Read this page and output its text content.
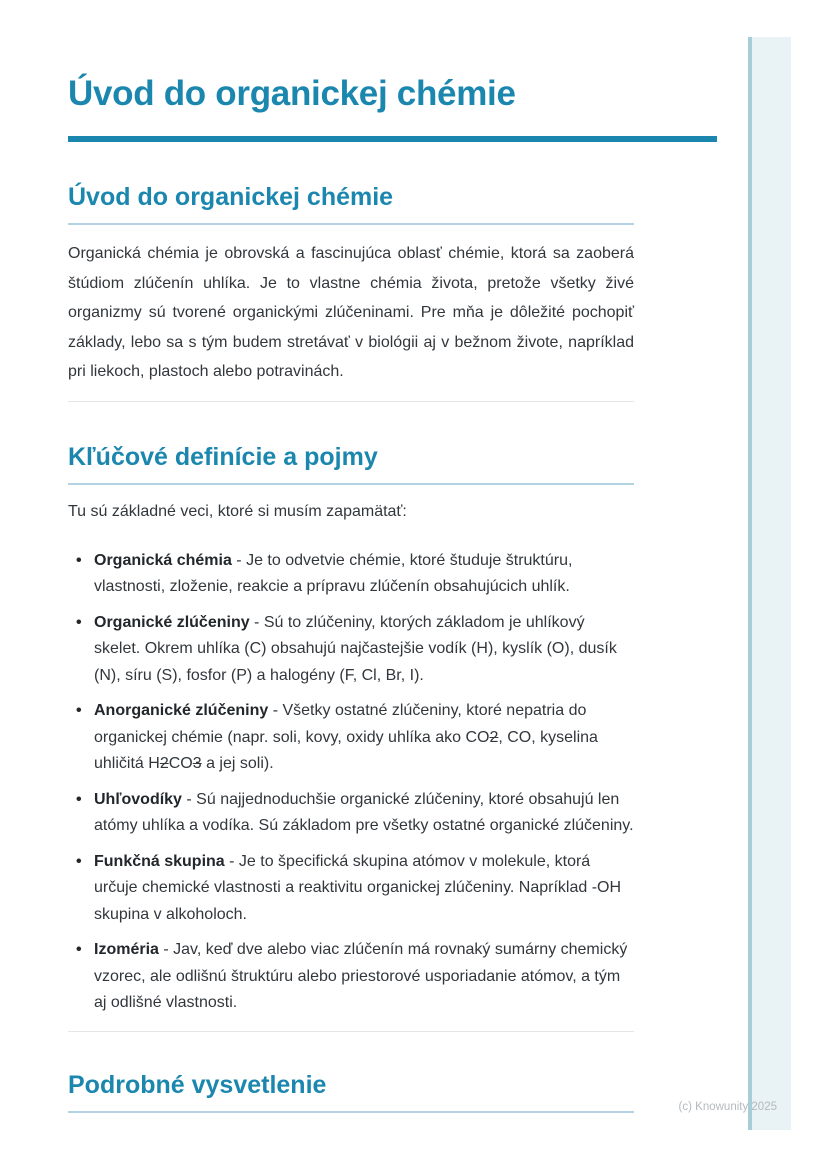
Úvod do organickej chémie
Úvod do organickej chémie

Organická chémia je obrovská a fascinujúca oblasť chémie, ktorá sa zaoberá štúdiom zlúčenín uhlíka. Je to vlastne chémia života, pretože všetky živé organizmy sú tvorené organickými zlúčeninami. Pre mňa je dôležité pochopiť základy, lebo sa s tým budem stretávať v biológii aj v bežnom živote, napríklad pri liekoch, plastoch alebo potravinách.

Kľúčové definície a pojmy

Tu sú základné veci, ktoré si musím zapamätať:

• Organická chémia - Je to odvetvie chémie, ktoré študuje štruktúru, vlastnosti, zloženie, reakcie a prípravu zlúčenín obsahujúcich uhlík.
• Organické zlúčeniny - Sú to zlúčeniny, ktorých základom je uhlíkový skelet. Okrem uhlíka (C) obsahujú najčastejšie vodík (H), kyslík (O), dusík (N), síru (S), fosfor (P) a halogény (F, Cl, Br, I).
• Anorganické zlúčeniny - Všetky ostatné zlúčeniny, ktoré nepatria do organickej chémie (napr. soli, kovy, oxidy uhlíka ako CO2, CO, kyselina uhličitá H2CO3 a jej soli).
• Uhľovodíky - Sú najjednoduchšie organické zlúčeniny, ktoré obsahujú len atómy uhlíka a vodíka. Sú základom pre všetky ostatné organické zlúčeniny.
• Funkčná skupina - Je to špecifická skupina atómov v molekule, ktorá určuje chemické vlastnosti a reaktivitu organickej zlúčeniny. Napríklad -OH skupina v alkoholoch.
• Izoméria - Jav, keď dve alebo viac zlúčenín má rovnaký sumárny chemický vzorec, ale odlišnú štruktúru alebo priestorové usporiadanie atómov, a tým aj odlišné vlastnosti.
Podrobné vysvetlenie
(c) Knowunity 2025
